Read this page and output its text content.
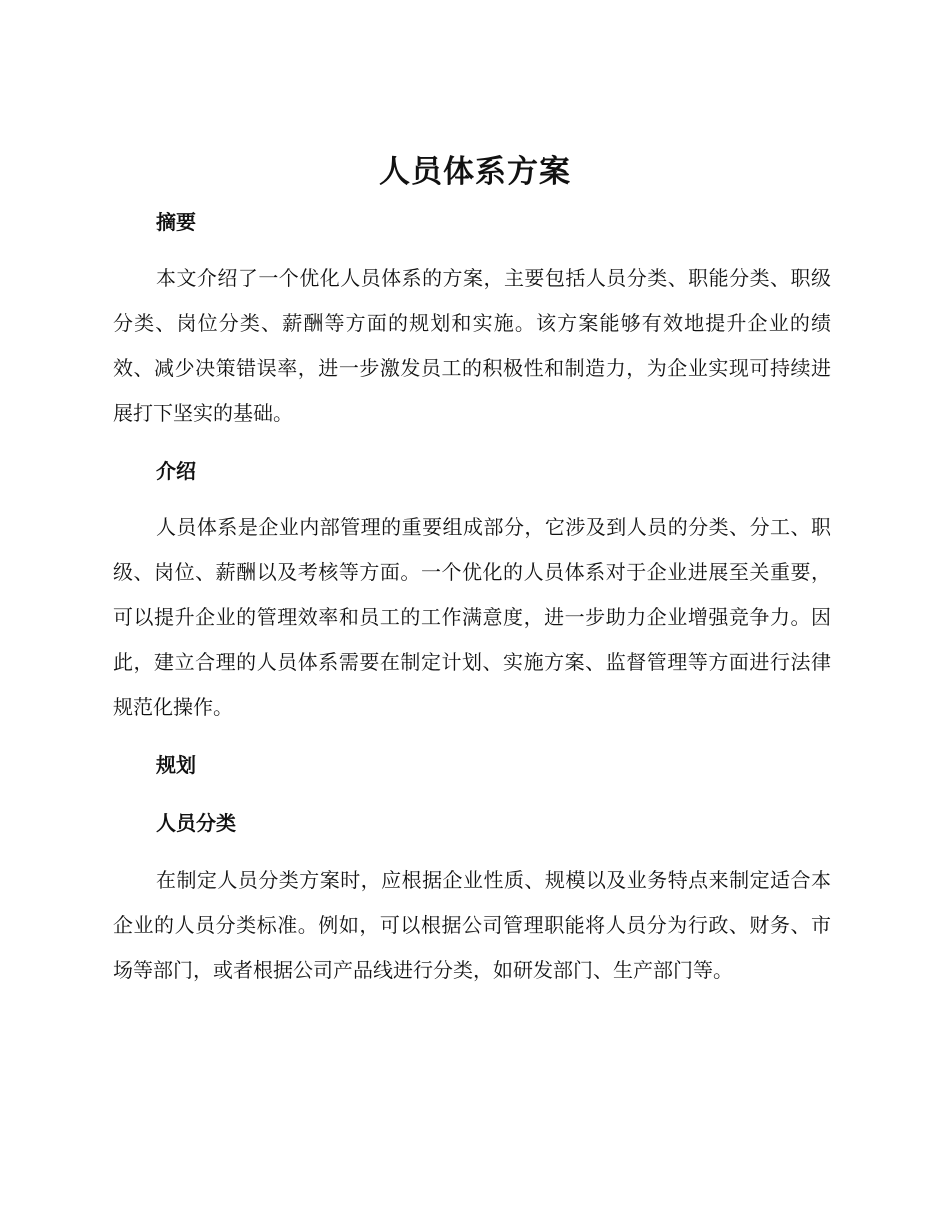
人员体系方案
摘要

本文介绍了一个优化人员体系的方案，主要包括人员分类、职能分类、职级分类、岗位分类、薪酬等方面的规划和实施。该方案能够有效地提升企业的绩效、减少决策错误率，进一步激发员工的积极性和制造力，为企业实现可持续进展打下坚实的基础。

介绍

人员体系是企业内部管理的重要组成部分，它涉及到人员的分类、分工、职级、岗位、薪酬以及考核等方面。一个优化的人员体系对于企业进展至关重要，可以提升企业的管理效率和员工的工作满意度，进一步助力企业增强竞争力。因此，建立合理的人员体系需要在制定计划、实施方案、监督管理等方面进行法律规范化操作。

规划
人员分类

在制定人员分类方案时，应根据企业性质、规模以及业务特点来制定适合本企业的人员分类标准。例如，可以根据公司管理职能将人员分为行政、财务、市场等部门，或者根据公司产品线进行分类，如研发部门、生产部门等。
